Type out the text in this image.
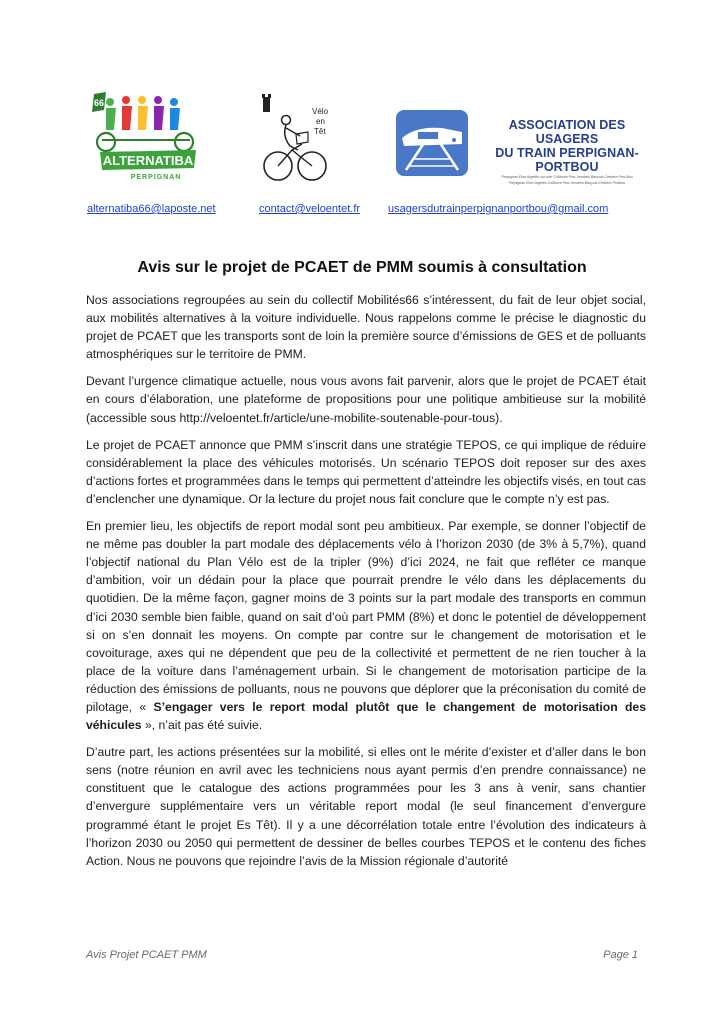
66
ALTERNATIBA
PERPIGNAN
Vélo
en
Têt	ASSOCIATION DES USAGERS
DU TRAIN PERPIGNAN-PORTBOU
Perpignan Elne Argelès-sur-mer Collioure Port-Vendres Banyuls Cerbère Port-Bou
Perpignan Elne Argelès Collioure Port-Vendres Banyuls Cerbère Portbou
alternatiba66@laposte.net	contact@veloentet.fr	usagersdutrainperpignanportbou@gmail.com
Avis sur le projet de PCAET de PMM soumis à consultation

Nos associations regroupées au sein du collectif Mobilités66 s’intéressent, du fait de leur objet social, aux mobilités alternatives à la voiture individuelle. Nous rappelons comme le précise le diagnostic du projet de PCAET que les transports sont de loin la première source d’émissions de GES et de polluants atmosphériques sur le territoire de PMM.

Devant l’urgence climatique actuelle, nous vous avons fait parvenir, alors que le projet de PCAET était en cours d’élaboration, une plateforme de propositions pour une politique ambitieuse sur la mobilité (accessible sous http://veloentet.fr/article/une-mobilite-soutenable-pour-tous).

Le projet de PCAET annonce que PMM s’inscrit dans une stratégie TEPOS, ce qui implique de réduire considérablement la place des véhicules motorisés. Un scénario TEPOS doit reposer sur des axes d’actions fortes et programmées dans le temps qui permettent d’atteindre les objectifs visés, en tout cas d’enclencher une dynamique. Or la lecture du projet nous fait conclure que le compte n’y est pas.

En premier lieu, les objectifs de report modal sont peu ambitieux. Par exemple, se donner l’objectif de ne même pas doubler la part modale des déplacements vélo à l’horizon 2030 (de 3% à 5,7%), quand l’objectif national du Plan Vélo est de la tripler (9%) d’ici 2024, ne fait que refléter ce manque d’ambition, voir un dédain pour la place que pourrait prendre le vélo dans les déplacements du quotidien. De la même façon, gagner moins de 3 points sur la part modale des transports en commun d’ici 2030 semble bien faible, quand on sait d’où part PMM (8%) et donc le potentiel de développement si on s’en donnait les moyens. On compte par contre sur le changement de motorisation et le covoiturage, axes qui ne dépendent que peu de la collectivité et permettent de ne rien toucher à la place de la voiture dans l’aménagement urbain. Si le changement de motorisation participe de la réduction des émissions de polluants, nous ne pouvons que déplorer que la préconisation du comité de pilotage, « S’engager vers le report modal plutôt que le changement de motorisation des véhicules », n’ait pas été suivie.

D’autre part, les actions présentées sur la mobilité, si elles ont le mérite d’exister et d’aller dans le bon sens (notre réunion en avril avec les techniciens nous ayant permis d’en prendre connaissance) ne constituent que le catalogue des actions programmées pour les 3 ans à venir, sans chantier d’envergure supplémentaire vers un véritable report modal (le seul financement d’envergure programmé étant le projet Es Têt). Il y a une décorrélation totale entre l’évolution des indicateurs à l’horizon 2030 ou 2050 qui permettent de dessiner de belles courbes TEPOS et le contenu des fiches Action. Nous ne pouvons que rejoindre l’avis de la Mission régionale d’autorité

Avis Projet PCAET PMM	Page 1
